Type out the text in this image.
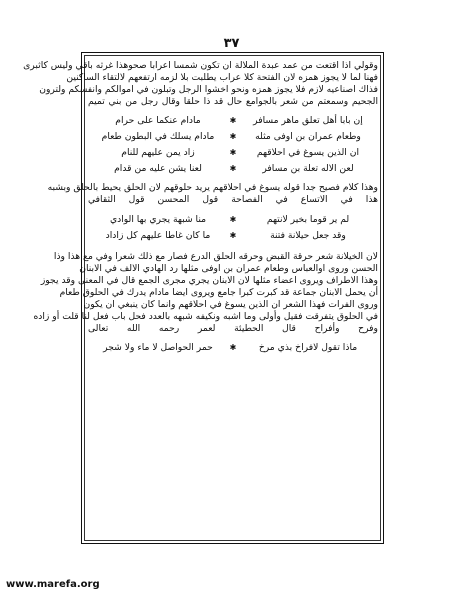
٣٧
وقولي اذا اقتعت من عمد عبدة الملالة ان تكون شمسا اعرابا صحوهذا غرثه باقي وليس كاثبرى
فهنا لما لا يجوز همزه لان الفتحة كلا عراب يطلبت بلا لزمه ارتفعهم لالتقاء الساكنين
فذاك اصناعيه لازم فلا يجوز همزه ونحو اخشوا الرجل وتبلون في اموالكم وانفسكم ولترون
الجحيم وسمعتم من شعر بالجوامع حال قد ذا حلقا وقال رجل من بني تميم
إن بابا أهل تعلق ماهر مسافر
✱
مادام عنكما على حرام
وطعام عمران بن اوفى مثله
✱
مادام يسلك في البطون طعام
ان الذين يسوغ في احلاقهم
✱
زاد يمن عليهم للنام
لعن الاله تعلة بن مسافر
✱
لعنا يشن عليه من قدام
وهذا كلام فصيح جدا قوله يسوغ في احلاقهم يريد حلوقهم لان الحلق يحيط بالحلق وبشبه
هذا في الاتساع في الفصاحة قول المحسن قول الثقافي
لم ير قوما بخير لانتهم
✱
منا شبهة يجري بها الوادي
وقد جعل حيلانة فتنة
✱
ما كان غاطا عليهم كل زاداد
لان الخيلانة شعر حرقة القبض وحرقه الحلق الدرع فصار مع ذلك شعرا وفي مع هذا وذا
الحسن وروى اوالعباس وطعام عمران بن اوفى مثلها رد الهادي الالف في الابنان
وهذا الاطراف ويروى اعضاء مثلها لان الابنان يجري مجرى الجمع قال في المعنى وقد يجوز
أن يحمل الابنان جماعة قد كبرت كبرا جامع ويروى ايضا مادام يدرك في الحلوق طعام
وروى الفرات فهذا الشعر ان الذين يسوغ في احلاقهم وانما كان ينبغي ان يكون
في الحلوق يتفرقت فقيل وأولى وما اشبه ونكيفه شبهه بالعدد فحل باب فعل لنا قلت أو زاده
وفرح وأفراح قال الحطيئة لعمر رحمه الله تعالى
ماذا تقول لافراخ بذي مرخ
✱
حمر الحواصل لا ماء ولا شجر
www.marefa.org
